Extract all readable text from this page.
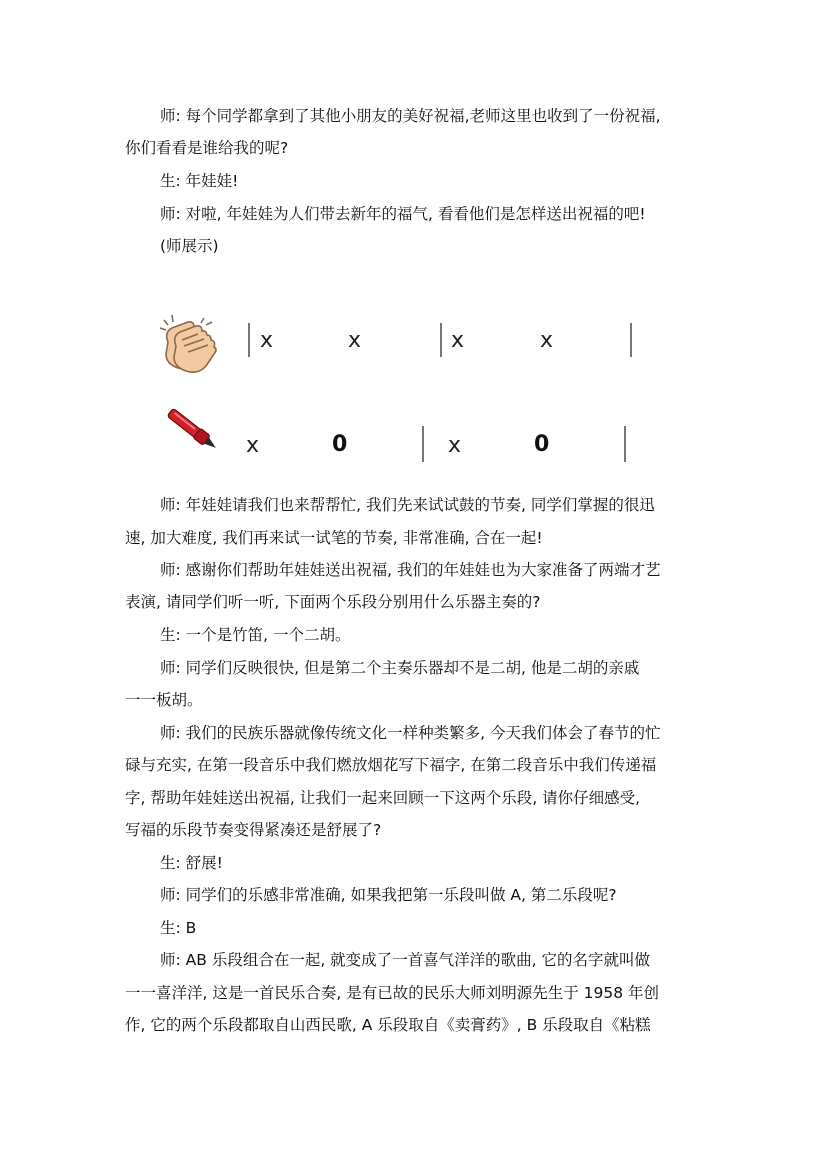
师: 每个同学都拿到了其他小朋友的美好祝福,老师这里也收到了一份祝福,
你们看看是谁给我的呢?
生: 年娃娃!
师: 对啦, 年娃娃为人们带去新年的福气, 看看他们是怎样送出祝福的吧!
(师展示)
x	x	x	x
x	0	x	0
师: 年娃娃请我们也来帮帮忙, 我们先来试试鼓的节奏, 同学们掌握的很迅
速, 加大难度, 我们再来试一试笔的节奏, 非常准确, 合在一起!
师: 感谢你们帮助年娃娃送出祝福, 我们的年娃娃也为大家准备了两端才艺
表演, 请同学们听一听, 下面两个乐段分别用什么乐器主奏的?
生: 一个是竹笛, 一个二胡。
师: 同学们反映很快, 但是第二个主奏乐器却不是二胡, 他是二胡的亲戚
一一板胡。
师: 我们的民族乐器就像传统文化一样种类繁多, 今天我们体会了春节的忙
碌与充实, 在第一段音乐中我们燃放烟花写下福字, 在第二段音乐中我们传递福
字, 帮助年娃娃送出祝福, 让我们一起来回顾一下这两个乐段, 请你仔细感受,
写福的乐段节奏变得紧凑还是舒展了?
生: 舒展!
师: 同学们的乐感非常准确, 如果我把第一乐段叫做 A, 第二乐段呢?
生: B
师: AB 乐段组合在一起, 就变成了一首喜气洋洋的歌曲, 它的名字就叫做
一一喜洋洋, 这是一首民乐合奏, 是有已故的民乐大师刘明源先生于 1958 年创
作, 它的两个乐段都取自山西民歌, A 乐段取自《卖膏药》, B 乐段取自《粘糕
